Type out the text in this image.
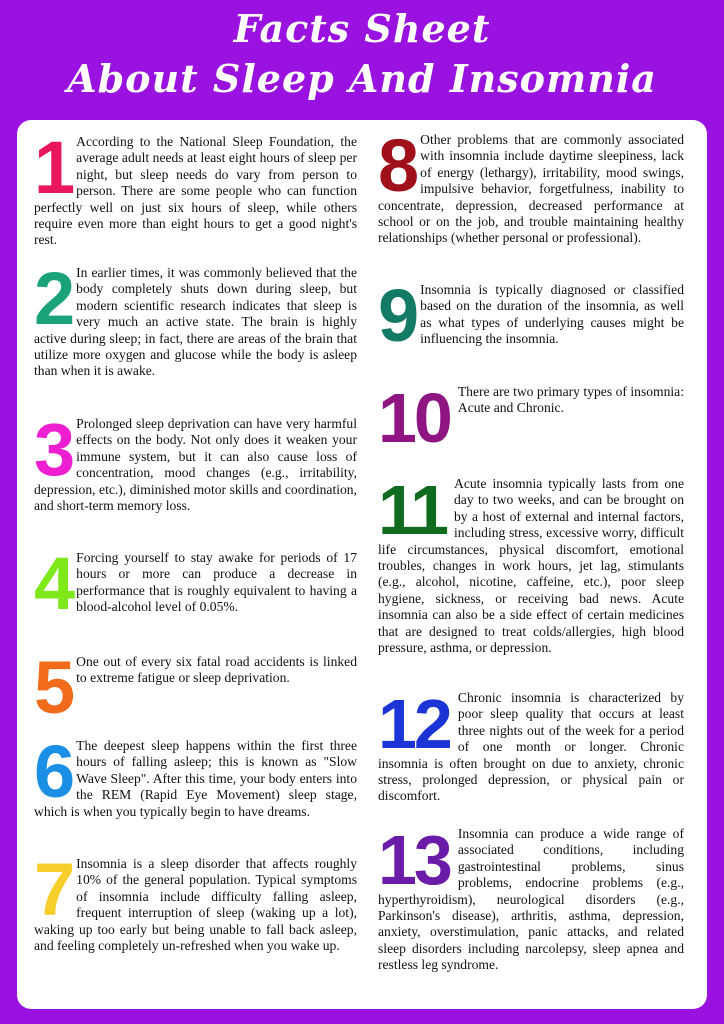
Facts Sheet
About Sleep And Insomnia
1 According to the National Sleep Foundation, the average adult needs at least eight hours of sleep per night, but sleep needs do vary from person to person. There are some people who can function perfectly well on just six hours of sleep, while others require even more than eight hours to get a good night's rest.
2 In earlier times, it was commonly believed that the body completely shuts down during sleep, but modern scientific research indicates that sleep is very much an active state. The brain is highly active during sleep; in fact, there are areas of the brain that utilize more oxygen and glucose while the body is asleep than when it is awake.
3 Prolonged sleep deprivation can have very harmful effects on the body. Not only does it weaken your immune system, but it can also cause loss of concentration, mood changes (e.g., irritability, depression, etc.), diminished motor skills and coordination, and short-term memory loss.
4 Forcing yourself to stay awake for periods of 17 hours or more can produce a decrease in performance that is roughly equivalent to having a blood-alcohol level of 0.05%.
5 One out of every six fatal road accidents is linked to extreme fatigue or sleep deprivation.
6 The deepest sleep happens within the first three hours of falling asleep; this is known as "Slow Wave Sleep". After this time, your body enters into the REM (Rapid Eye Movement) sleep stage, which is when you typically begin to have dreams.
7 Insomnia is a sleep disorder that affects roughly 10% of the general population. Typical symptoms of insomnia include difficulty falling asleep, frequent interruption of sleep (waking up a lot), waking up too early but being unable to fall back asleep, and feeling completely un-refreshed when you wake up.
8 Other problems that are commonly associated with insomnia include daytime sleepiness, lack of energy (lethargy), irritability, mood swings, impulsive behavior, forgetfulness, inability to concentrate, depression, decreased performance at school or on the job, and trouble maintaining healthy relationships (whether personal or professional).
9 Insomnia is typically diagnosed or classified based on the duration of the insomnia, as well as what types of underlying causes might be influencing the insomnia.
10 There are two primary types of insomnia: Acute and Chronic.
11 Acute insomnia typically lasts from one day to two weeks, and can be brought on by a host of external and internal factors, including stress, excessive worry, difficult life circumstances, physical discomfort, emotional troubles, changes in work hours, jet lag, stimulants (e.g., alcohol, nicotine, caffeine, etc.), poor sleep hygiene, sickness, or receiving bad news. Acute insomnia can also be a side effect of certain medicines that are designed to treat colds/allergies, high blood pressure, asthma, or depression.
12 Chronic insomnia is characterized by poor sleep quality that occurs at least three nights out of the week for a period of one month or longer. Chronic insomnia is often brought on due to anxiety, chronic stress, prolonged depression, or physical pain or discomfort.
13 Insomnia can produce a wide range of associated conditions, including gastrointestinal problems, sinus problems, endocrine problems (e.g., hyperthyroidism), neurological disorders (e.g., Parkinson's disease), arthritis, asthma, depression, anxiety, overstimulation, panic attacks, and related sleep disorders including narcolepsy, sleep apnea and restless leg syndrome.
